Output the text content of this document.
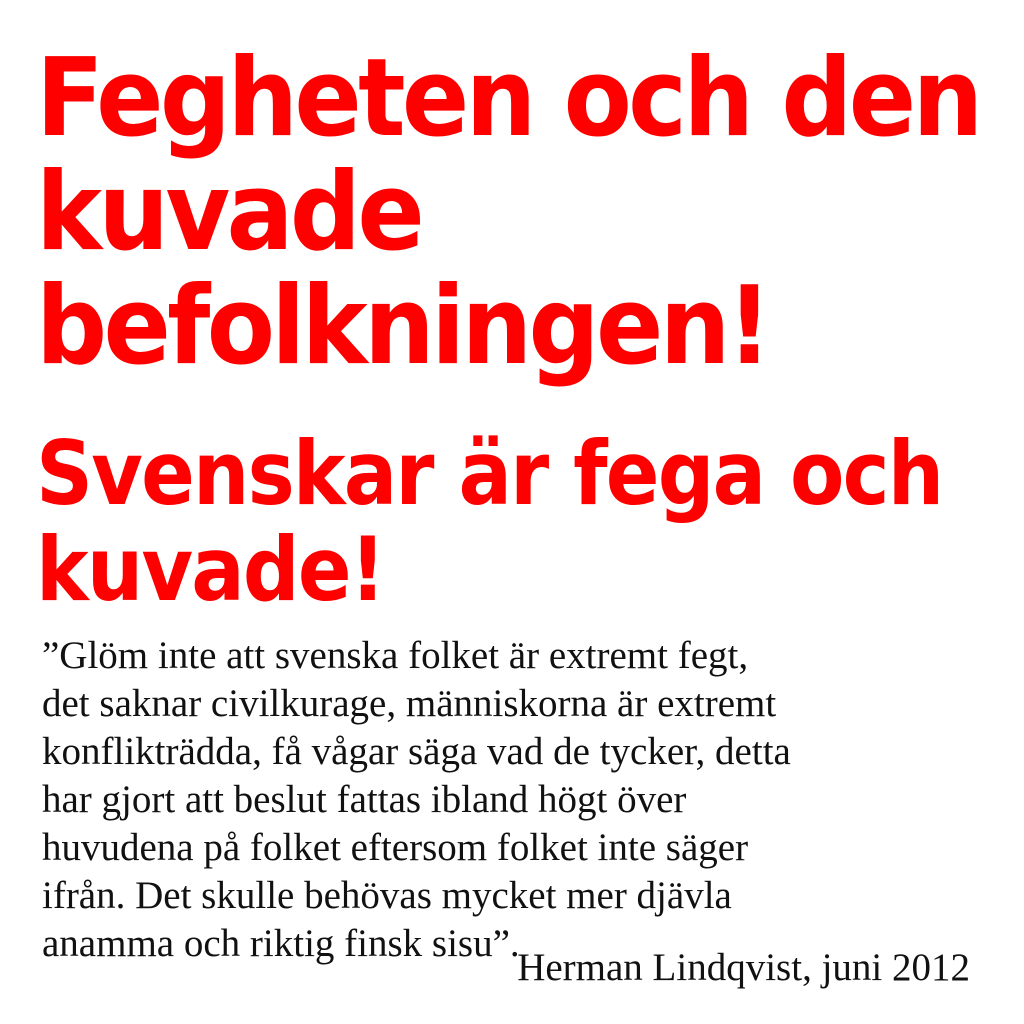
Fegheten och den
kuvade
befolkningen!
Svenskar är fega och
kuvade!

”Glöm inte att svenska folket är extremt fegt,
det saknar civilkurage, människorna är extremt
konflikträdda, få vågar säga vad de tycker, detta
har gjort att beslut fattas ibland högt över
huvudena på folket eftersom folket inte säger
ifrån. Det skulle behövas mycket mer djävla
anamma och riktig finsk sisu”.

Herman Lindqvist, juni 2012
